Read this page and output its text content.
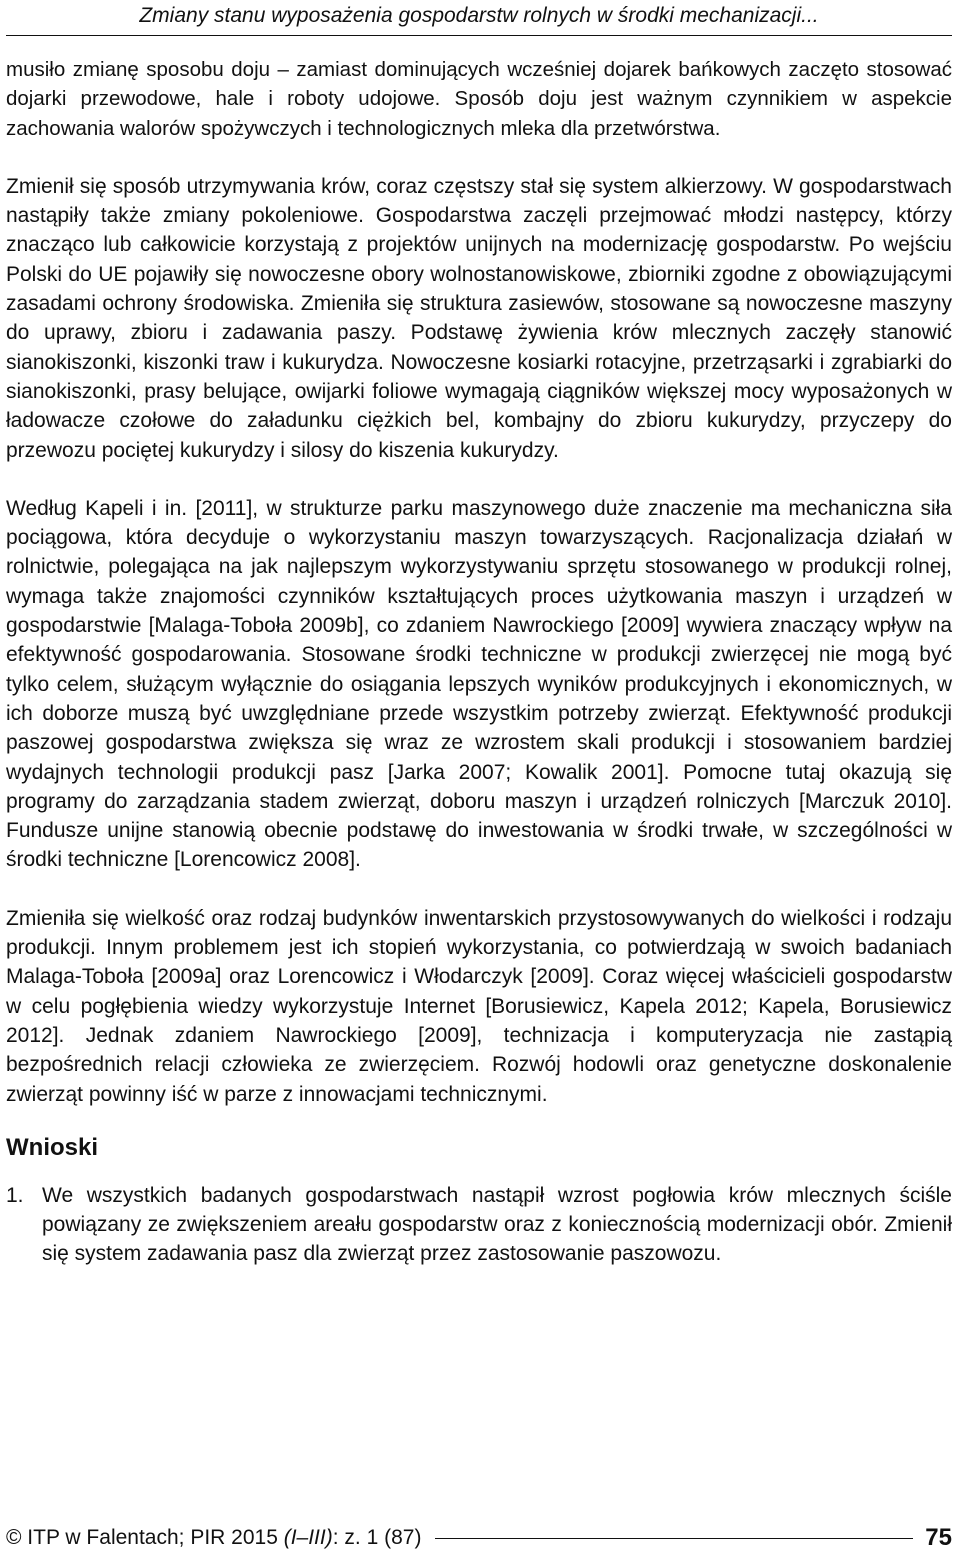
Zmiany stanu wyposażenia gospodarstw rolnych w środki mechanizacji...

musiło zmianę sposobu doju – zamiast dominujących wcześniej dojarek bańkowych zaczęto stosować dojarki przewodowe, hale i roboty udojowe. Sposób doju jest ważnym czynnikiem w aspekcie zachowania walorów spożywczych i technologicznych mleka dla przetwórstwa.

Zmienił się sposób utrzymywania krów, coraz częstszy stał się system alkierzowy. W gospodarstwach nastąpiły także zmiany pokoleniowe. Gospodarstwa zaczęli przejmować młodzi następcy, którzy znacząco lub całkowicie korzystają z projektów unijnych na modernizację gospodarstw. Po wejściu Polski do UE pojawiły się nowoczesne obory wolnostanowiskowe, zbiorniki zgodne z obowiązującymi zasadami ochrony środowiska. Zmieniła się struktura zasiewów, stosowane są nowoczesne maszyny do uprawy, zbioru i zadawania paszy. Podstawę żywienia krów mlecznych zaczęły stanowić sianokiszonki, kiszonki traw i kukurydza. Nowoczesne kosiarki rotacyjne, przetrząsarki i zgrabiarki do sianokiszonki, prasy belujące, owijarki foliowe wymagają ciągników większej mocy wyposażonych w ładowacze czołowe do załadunku ciężkich bel, kombajny do zbioru kukurydzy, przyczepy do przewozu pociętej kukurydzy i silosy do kiszenia kukurydzy.

Według Kapeli i in. [2011], w strukturze parku maszynowego duże znaczenie ma mechaniczna siła pociągowa, która decyduje o wykorzystaniu maszyn towarzyszących. Racjonalizacja działań w rolnictwie, polegająca na jak najlepszym wykorzystywaniu sprzętu stosowanego w produkcji rolnej, wymaga także znajomości czynników kształtujących proces użytkowania maszyn i urządzeń w gospodarstwie [Malaga-Toboła 2009b], co zdaniem Nawrockiego [2009] wywiera znaczący wpływ na efektywność gospodarowania. Stosowane środki techniczne w produkcji zwierzęcej nie mogą być tylko celem, służącym wyłącznie do osiągania lepszych wyników produkcyjnych i ekonomicznych, w ich doborze muszą być uwzględniane przede wszystkim potrzeby zwierząt. Efektywność produkcji paszowej gospodarstwa zwiększa się wraz ze wzrostem skali produkcji i stosowaniem bardziej wydajnych technologii produkcji pasz [Jarka 2007; Kowalik 2001]. Pomocne tutaj okazują się programy do zarządzania stadem zwierząt, doboru maszyn i urządzeń rolniczych [Marczuk 2010]. Fundusze unijne stanowią obecnie podstawę do inwestowania w środki trwałe, w szczególności w środki techniczne [Lorencowicz 2008].

Zmieniła się wielkość oraz rodzaj budynków inwentarskich przystosowywanych do wielkości i rodzaju produkcji. Innym problemem jest ich stopień wykorzystania, co potwierdzają w swoich badaniach Malaga-Toboła [2009a] oraz Lorencowicz i Włodarczyk [2009]. Coraz więcej właścicieli gospodarstw w celu pogłębienia wiedzy wykorzystuje Internet [Borusiewicz, Kapela 2012; Kapela, Borusiewicz 2012]. Jednak zdaniem Nawrockiego [2009], technizacja i komputeryzacja nie zastąpią bezpośrednich relacji człowieka ze zwierzęciem. Rozwój hodowli oraz genetyczne doskonalenie zwierząt powinny iść w parze z innowacjami technicznymi.

Wnioski
1. We wszystkich badanych gospodarstwach nastąpił wzrost pogłowia krów mlecznych ściśle powiązany ze zwiększeniem areału gospodarstw oraz z koniecznością modernizacji obór. Zmienił się system zadawania pasz dla zwierząt przez zastosowanie paszowozu.
© ITP w Falentach; PIR 2015 (I–III): z. 1 (87)	75
